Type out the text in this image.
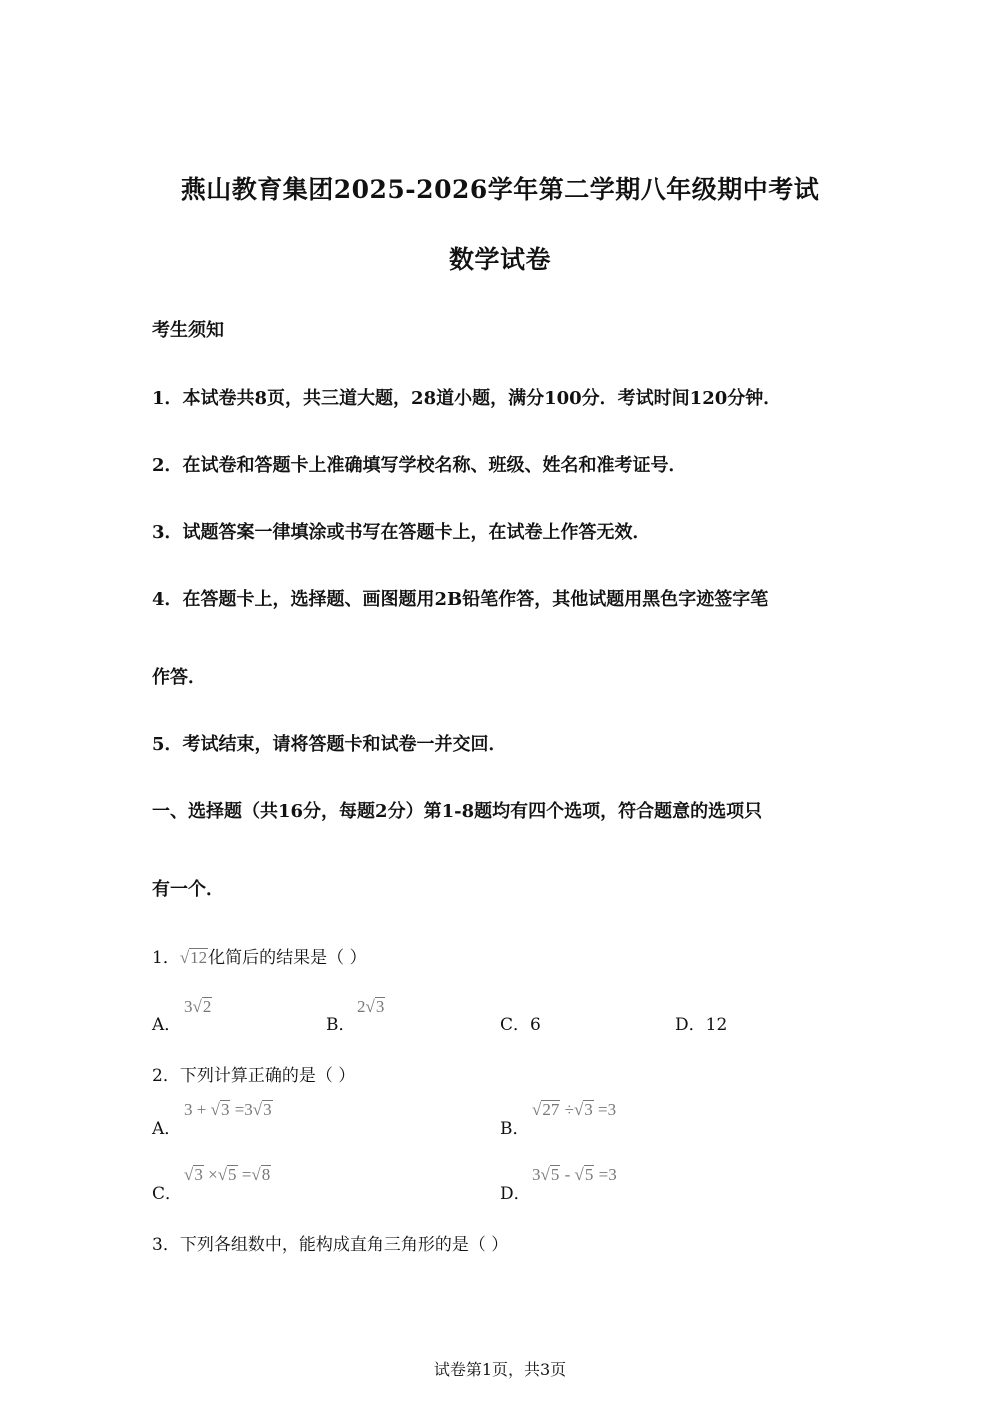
燕山教育集团2025-2026学年第二学期八年级期中考试
数学试卷
考生须知
1．本试卷共8页，共三道大题，28道小题，满分100分．考试时间120分钟．
2．在试卷和答题卡上准确填写学校名称、班级、姓名和准考证号．
3．试题答案一律填涂或书写在答题卡上，在试卷上作答无效．
4．在答题卡上，选择题、画图题用2B铅笔作答，其他试题用黑色字迹签字笔
作答．
5．考试结束，请将答题卡和试卷一并交回．
一、选择题（共16分，每题2分）第1-8题均有四个选项，符合题意的选项只
有一个．
1．√12化简后的结果是（ ）
A．
3√2
B．
2√3
C．6	D．12
2．下列计算正确的是（ ）
A．
3 + √3 =3√3
B．
√27 ÷√3 =3
C．
√3 ×√5 =√8
D．
3√5 - √5 =3
3．下列各组数中，能构成直角三角形的是（ ）
试卷第1页，共3页
